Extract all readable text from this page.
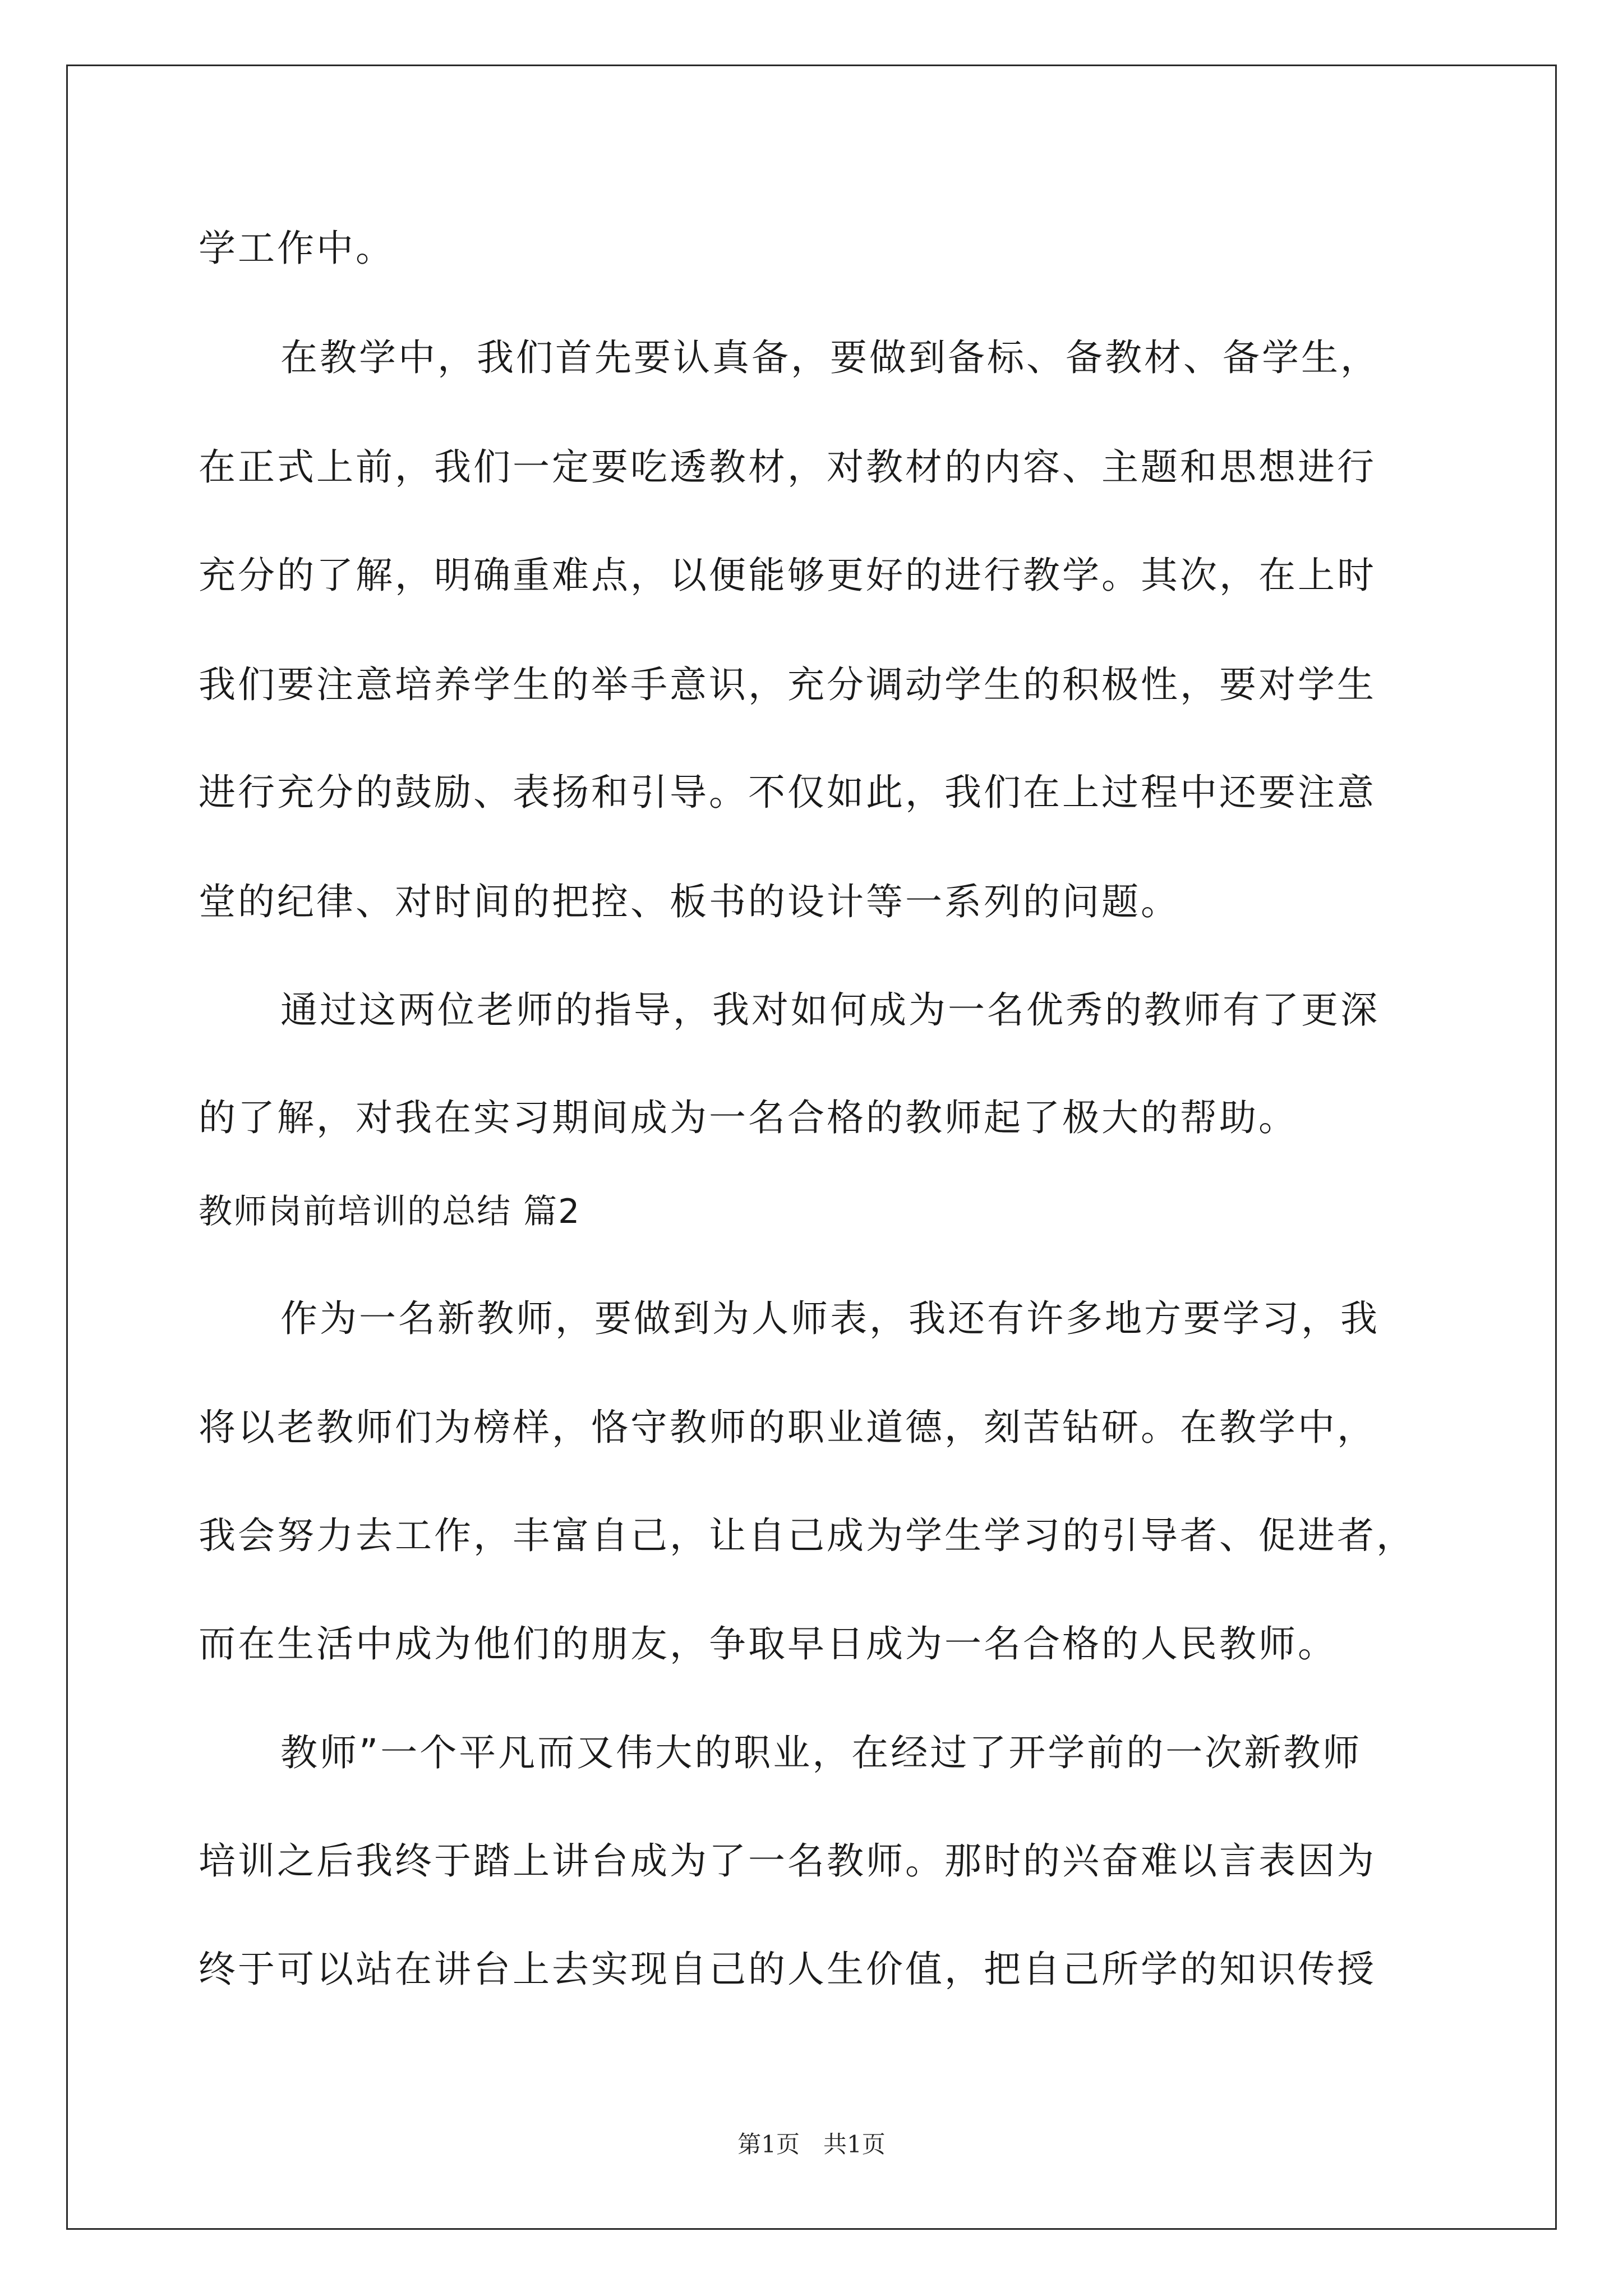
学工作中。
在教学中，我们首先要认真备，要做到备标、备教材、备学生，
在正式上前，我们一定要吃透教材，对教材的内容、主题和思想进行
充分的了解，明确重难点，以便能够更好的进行教学。其次，在上时
我们要注意培养学生的举手意识，充分调动学生的积极性，要对学生
进行充分的鼓励、表扬和引导。不仅如此，我们在上过程中还要注意
堂的纪律、对时间的把控、板书的设计等一系列的问题。
通过这两位老师的指导，我对如何成为一名优秀的教师有了更深
的了解，对我在实习期间成为一名合格的教师起了极大的帮助。
教师岗前培训的总结 篇2
作为一名新教师，要做到为人师表，我还有许多地方要学习，我
将以老教师们为榜样，恪守教师的职业道德，刻苦钻研。在教学中，
我会努力去工作，丰富自己，让自己成为学生学习的引导者、促进者，
而在生活中成为他们的朋友，争取早日成为一名合格的人民教师。
教师”一个平凡而又伟大的职业，在经过了开学前的一次新教师
培训之后我终于踏上讲台成为了一名教师。那时的兴奋难以言表因为
终于可以站在讲台上去实现自己的人生价值，把自己所学的知识传授
第1页　共1页
